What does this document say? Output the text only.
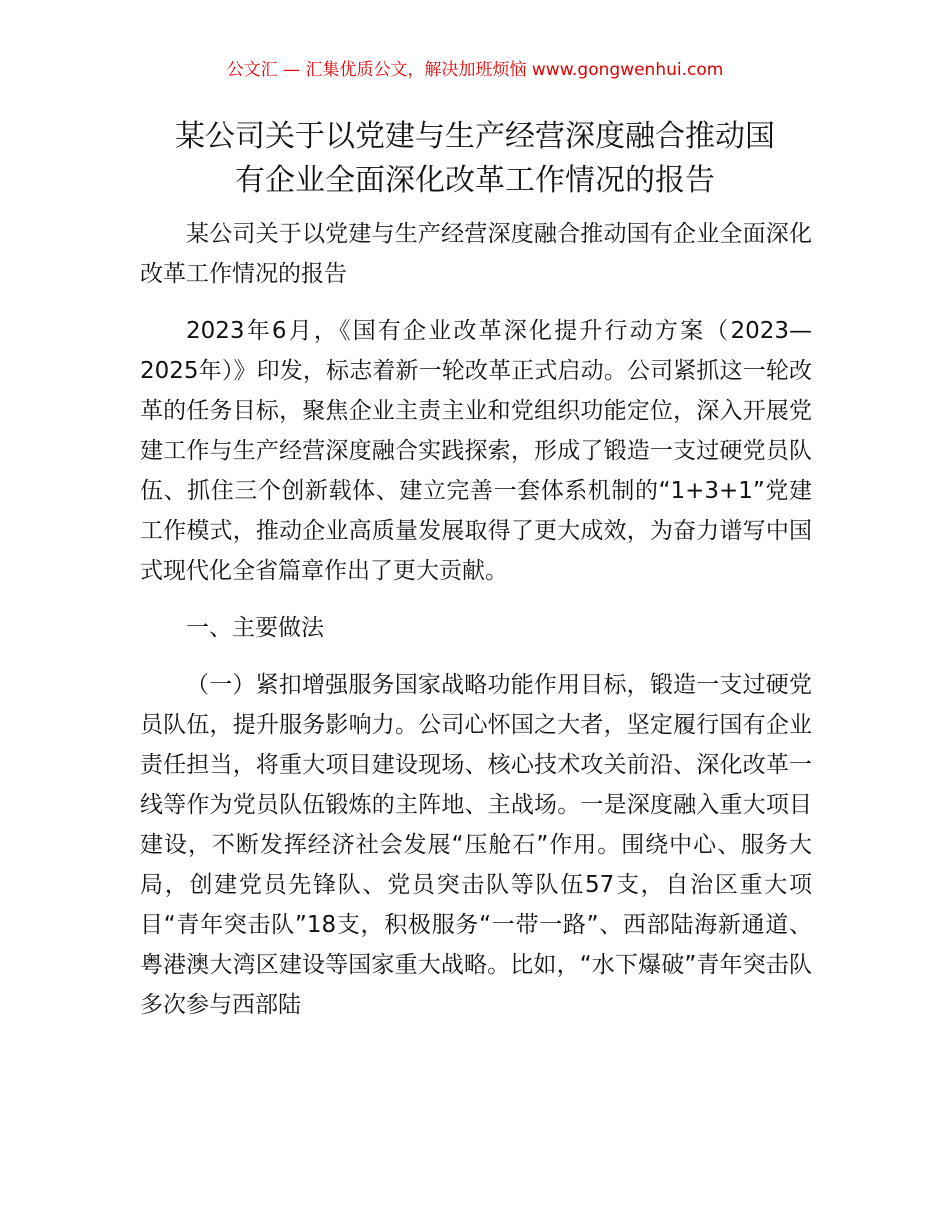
公文汇 — 汇集优质公文，解决加班烦恼 www.gongwenhui.com
某公司关于以党建与生产经营深度融合推动国
有企业全面深化改革工作情况的报告

某公司关于以党建与生产经营深度融合推动国有企业全面深化改革工作情况的报告

2023年6月，《国有企业改革深化提升行动方案（2023—2025年）》印发，标志着新一轮改革正式启动。公司紧抓这一轮改革的任务目标，聚焦企业主责主业和党组织功能定位，深入开展党建工作与生产经营深度融合实践探索，形成了锻造一支过硬党员队伍、抓住三个创新载体、建立完善一套体系机制的“1+3+1”党建工作模式，推动企业高质量发展取得了更大成效，为奋力谱写中国式现代化全省篇章作出了更大贡献。

一、主要做法

（一）紧扣增强服务国家战略功能作用目标，锻造一支过硬党员队伍，提升服务影响力。公司心怀国之大者，坚定履行国有企业责任担当，将重大项目建设现场、核心技术攻关前沿、深化改革一线等作为党员队伍锻炼的主阵地、主战场。一是深度融入重大项目建设，不断发挥经济社会发展“压舱石”作用。围绕中心、服务大局，创建党员先锋队、党员突击队等队伍57支，自治区重大项目“青年突击队”18支，积极服务“一带一路”、西部陆海新通道、粤港澳大湾区建设等国家重大战略。比如，“水下爆破”青年突击队多次参与西部陆
